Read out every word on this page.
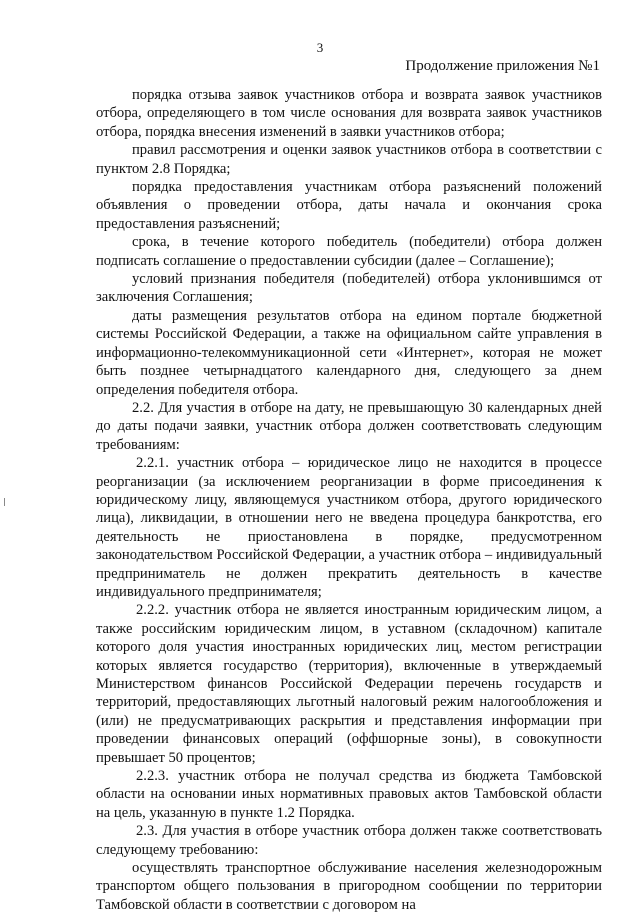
3
Продолжение приложения №1

порядка отзыва заявок участников отбора и возврата заявок участников отбора, определяющего в том числе основания для возврата заявок участников отбора, порядка внесения изменений в заявки участников отбора;

правил рассмотрения и оценки заявок участников отбора в соответствии с пунктом 2.8 Порядка;

порядка предоставления участникам отбора разъяснений положений объявления о проведении отбора, даты начала и окончания срока предоставления разъяснений;

срока, в течение которого победитель (победители) отбора должен подписать соглашение о предоставлении субсидии (далее – Соглашение);

условий признания победителя (победителей) отбора уклонившимся от заключения Соглашения;

даты размещения результатов отбора на едином портале бюджетной системы Российской Федерации, а также на официальном сайте управления в информационно-телекоммуникационной сети «Интернет», которая не может быть позднее четырнадцатого календарного дня, следующего за днем определения победителя отбора.

2.2. Для участия в отборе на дату, не превышающую 30 календарных дней до даты подачи заявки, участник отбора должен соответствовать следующим требованиям:

2.2.1. участник отбора – юридическое лицо не находится в процессе реорганизации (за исключением реорганизации в форме присоединения к юридическому лицу, являющемуся участником отбора, другого юридического лица), ликвидации, в отношении него не введена процедура банкротства, его деятельность не приостановлена в порядке, предусмотренном законодательством Российской Федерации, а участник отбора – индивидуальный предприниматель не должен прекратить деятельность в качестве индивидуального предпринимателя;

2.2.2. участник отбора не является иностранным юридическим лицом, а также российским юридическим лицом, в уставном (складочном) капитале которого доля участия иностранных юридических лиц, местом регистрации которых является государство (территория), включенные в утверждаемый Министерством финансов Российской Федерации перечень государств и территорий, предоставляющих льготный налоговый режим налогообложения и (или) не предусматривающих раскрытия и представления информации при проведении финансовых операций (оффшорные зоны), в совокупности превышает 50 процентов;

2.2.3. участник отбора не получал средства из бюджета Тамбовской области на основании иных нормативных правовых актов Тамбовской области на цель, указанную в пункте 1.2 Порядка.

2.3. Для участия в отборе участник отбора должен также соответствовать следующему требованию:

осуществлять транспортное обслуживание населения железнодорожным транспортом общего пользования в пригородном сообщении по территории Тамбовской области в соответствии с договором на
